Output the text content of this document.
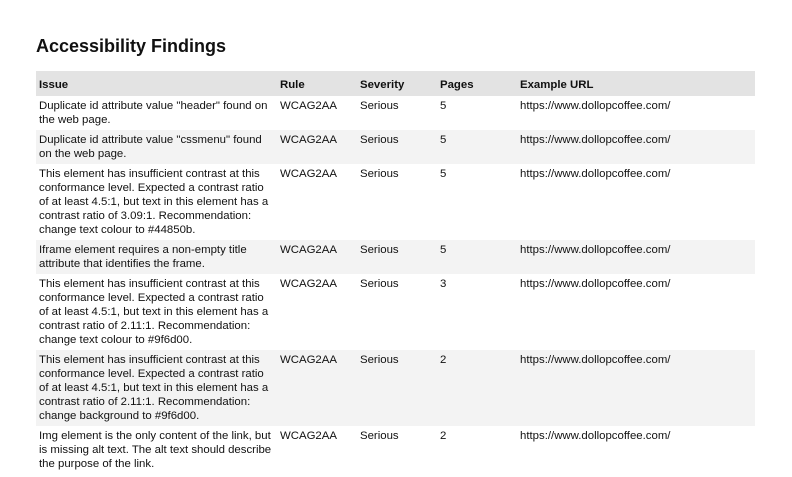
Accessibility Findings
Issue	Rule	Severity	Pages	Example URL
Duplicate id attribute value "header" found on the web page.	WCAG2AA	Serious	5	https://www.dollopcoffee.com/
Duplicate id attribute value "cssmenu" found on the web page.	WCAG2AA	Serious	5	https://www.dollopcoffee.com/
This element has insufficient contrast at this conformance level. Expected a contrast ratio of at least 4.5:1, but text in this element has a contrast ratio of 3.09:1. Recommendation: change text colour to #44850b.	WCAG2AA	Serious	5	https://www.dollopcoffee.com/
Iframe element requires a non-empty title attribute that identifies the frame.	WCAG2AA	Serious	5	https://www.dollopcoffee.com/
This element has insufficient contrast at this conformance level. Expected a contrast ratio of at least 4.5:1, but text in this element has a contrast ratio of 2.11:1. Recommendation: change text colour to #9f6d00.	WCAG2AA	Serious	3	https://www.dollopcoffee.com/
This element has insufficient contrast at this conformance level. Expected a contrast ratio of at least 4.5:1, but text in this element has a contrast ratio of 2.11:1. Recommendation: change background to #9f6d00.	WCAG2AA	Serious	2	https://www.dollopcoffee.com/
Img element is the only content of the link, but is missing alt text. The alt text should describe the purpose of the link.	WCAG2AA	Serious	2	https://www.dollopcoffee.com/
